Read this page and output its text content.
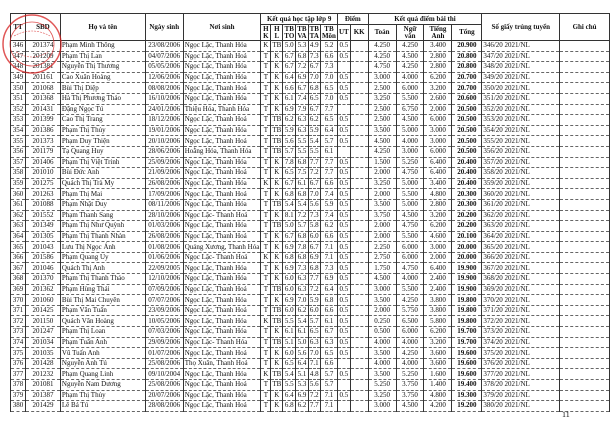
TT	SBD	Họ và tên	Ngày sinh	Nơi sinh	Kết quả học tập lớp 9						Điểm		Kết quả điểm bài thi				Số giấy trúng tuyển	Ghi chú
					H K	H L	TB TO	TB VA	TB TA	TB Môn	UT	KK	Toán	Ngữ văn	Tiếng Anh	Tổng		
346	201374	Phạm Minh Thông	23/08/2006	Ngọc Lặc, Thanh Hóa	K	TB	5.0	5.3	4.9	5.2	0.5		4.250	4.250	3.400	20.900	346/20 2021/NL	
347	201209	Phạm Thị Lan	04/07/2006	Ngọc Lặc, Thanh Hoá	T	K	6.7	6.8	7.3	6.6	0.5		4.250	4.500	2.800	20.800	347/20 2021/NL	
348	201381	Nguyễn Thị Thương	05/05/2006	Ngọc Lặc, Thanh Hóa	T	K	6.7	7.2	6.7	7.3			4.750	4.250	2.800	20.800	348/20 2021/NL	
349	201161	Cao Xuân Hoàng	12/06/2006	Ngọc Lặc, Thanh Hóa	T	K	6.4	6.9	7.0	7.0	0.5		3.000	4.000	6.200	20.700	349/20 2021/NL	
350	201068	Bùi Thị Diệp	08/08/2006	Ngọc Lặc, Thanh Hoá	T	K	6.6	6.7	6.8	6.5	0.5		2.500	6.000	3.200	20.700	350/20 2021/NL	
351	201368	Hà Thị Phương Thảo	16/10/2006	Ngọc Lặc, Thanh Hóa	T	K	6.1	7.4	6.5	7.0	0.5		3.250	5.500	2.600	20.600	351/20 2021/NL	
352	201431	Đặng Ngọc Tú	24/01/2006	Thiệu Hóa, Thanh Hóa	T	K	6.9	7.9	6.7	7.7			2.500	6.750	2.000	20.500	352/20 2021/NL	
353	201399	Cao Thị Trang	18/12/2006	Ngọc Lặc, Thanh Hoá	T	TB	6.2	6.3	6.2	6.5	0.5		2.500	4.500	6.000	20.500	353/20 2021/NL	
354	201386	Phạm Thị Thủy	19/01/2006	Ngọc Lặc, Thanh Hóa	T	TB	5.9	6.3	5.9	6.4	0.5		3.500	5.000	3.000	20.500	354/20 2021/NL	
355	201373	Phạm Duy Thiện	20/10/2006	Ngọc Lặc, Thanh Hoá	T	TB	5.6	5.5	5.4	5.7	0.5		4.500	4.000	3.000	20.500	355/20 2021/NL	
356	201179	Tạ Quang Huy	28/06/2006	Hoằng Hóa, Thanh Hóa	T	TB	5.7	5.5	5.5	6.1			4.250	3.000	6.000	20.500	356/20 2021/NL	
357	201406	Phạm Thị Việt Trinh	25/09/2006	Ngọc Lặc, Thanh Hóa	T	K	7.8	6.8	7.7	7.7	0.5		1.500	5.250	6.400	20.400	357/20 2021/NL	
358	201010	Bùi Đức Anh	21/09/2006	Ngọc Lặc, Thanh Hoá	T	K	6.5	7.5	7.2	7.7	0.5		2.000	4.750	6.400	20.400	358/20 2021/NL	
359	201275	Quách Thị Trà My	26/08/2006	Ngọc Lặc, Thanh Hóa	K	K	6.7	6.1	6.7	6.6	0.5		3.250	5.000	3.400	20.400	359/20 2021/NL	
360	201263	Phạm Thị Mai	17/09/2006	Ngọc Lặc, Thanh Hoá	T	K	6.8	6.8	7.0	7.4	0.5		2.000	5.500	4.800	20.300	360/20 2021/NL	
361	201088	Phạm Nhật Duy	08/11/2006	Ngọc Lặc, Thanh Hóa	T	TB	5.4	5.4	5.6	5.9	0.5		3.500	5.000	2.800	20.300	361/20 2021/NL	
362	201552	Phạm Thanh Sang	28/10/2006	Ngọc Lặc- Thanh Hoá	T	K	8.1	7.2	7.3	7.4	0.5		3.750	4.500	3.200	20.200	362/20 2021/NL	
363	201349	Phạm Thị Như Quỳnh	01/03/2006	Ngọc Lặc, Thanh Hóa	T	TB	5.0	5.7	5.8	6.2	0.5		2.000	4.750	6.200	20.200	363/20 2021/NL	
364	201305	Phạm Thị Thanh Nhàn	26/08/2006	Ngọc Lặc, Thanh Hoá	T	K	6.7	6.8	6.0	6.6	0.5		2.000	5.500	4.600	20.100	364/20 2021/NL	
365	201043	Lưu Thị Ngọc Ánh	01/08/2006	Quảng Xương, Thanh Hóa	T	K	6.9	7.8	6.7	7.1	0.5		2.250	6.000	3.000	20.000	365/20 2021/NL	
366	201586	Phạm Quang Uy	01/06/2006	Ngọc Lặc- Thanh Hoá	K	K	6.8	6.8	6.9	7.1	0.5		2.750	6.000	2.000	20.000	366/20 2021/NL	
367	201046	Quách Thị Anh	22/09/2005	Ngọc Lặc, Thanh Hóa	T	K	6.9	7.3	6.8	7.3	0.5		1.750	4.750	6.400	19.900	367/20 2021/NL	
368	201370	Phạm Thị Thanh Thảo	12/10/2006	Ngọc Lặc, Thanh Hóa	T	K	6.0	6.3	7.7	6.9	0.5		4.500	4.000	2.400	19.900	368/20 2021/NL	
369	201362	Phạm Hùng Thái	07/09/2006	Ngọc Lặc, Thanh Hoá	T	TB	6.0	6.3	7.2	6.4	0.5		3.000	5.500	2.400	19.900	369/20 2021/NL	
370	201060	Bùi Thị Mai Chuyên	07/07/2006	Ngọc Lặc, Thanh Hóa	T	K	6.9	7.0	5.9	6.8	0.5		3.500	4.250	3.800	19.800	370/20 2021/NL	
371	201425	Phạm Văn Tuấn	23/09/2006	Ngọc Lặc, Thanh Hoá	T	TB	6.0	6.2	6.0	6.6	0.5		2.000	5.750	3.800	19.800	371/20 2021/NL	
372	201150	Quách Văn Hoàng	10/05/2006	Ngọc Lặc, Thanh Hóa	K	TB	5.5	5.4	5.7	6.1	0.5		0.250	6.500	5.800	19.800	372/20 2021/NL	
373	201247	Phạm Thị Loan	07/03/2006	Ngọc Lặc, Thanh Hóa	T	K	6.1	6.1	6.5	6.7	0.5		0.500	6.000	6.200	19.700	373/20 2021/NL	
374	201034	Phạm Tuấn Anh	29/09/2006	Ngọc Lặc- Thanh Hóa	T	TB	5.1	5.0	6.3	6.3	0.5		4.000	4.000	3.200	19.700	374/20 2021/NL	
375	201035	Vũ Tuấn Anh	01/07/2006	Ngọc Lặc, Thanh Hoá	T	K	6.0	5.6	7.0	6.5	0.5		3.500	4.250	3.600	19.600	375/20 2021/NL	
376	201428	Nguyễn Anh Tú	25/08/2006	Thọ Xuân, Thanh Hoá	T	K	6.5	6.4	7.1	6.6			4.000	4.000	3.600	19.600	376/20 2021/NL	
377	201232	Phạm Quang Linh	09/10/2004	Ngọc Lặc, Thanh Hóa	K	TB	5.4	5.1	4.8	5.7	0.5		3.500	5.250	1.600	19.600	377/20 2021/NL	
378	201081	Nguyễn Nam Dương	25/08/2006	Ngọc Lặc, Thanh Hoá	T	TB	5.5	5.3	5.6	5.7			5.250	3.750	1.400	19.400	378/20 2021/NL	
379	201387	Phạm Thị Thủy	20/07/2006	Ngọc Lặc, Thanh Hóa	T	K	6.4	6.9	7.2	7.1	0.5		3.250	3.750	4.800	19.300	379/20 2021/NL	
380	201429	Lê Bá Tú	28/08/2006	Ngọc Lặc, Thanh Hoá	T	K	6.8	6.2	7.7	7.1			3.000	4.500	4.200	19.200	380/20 2021/NL	
11
